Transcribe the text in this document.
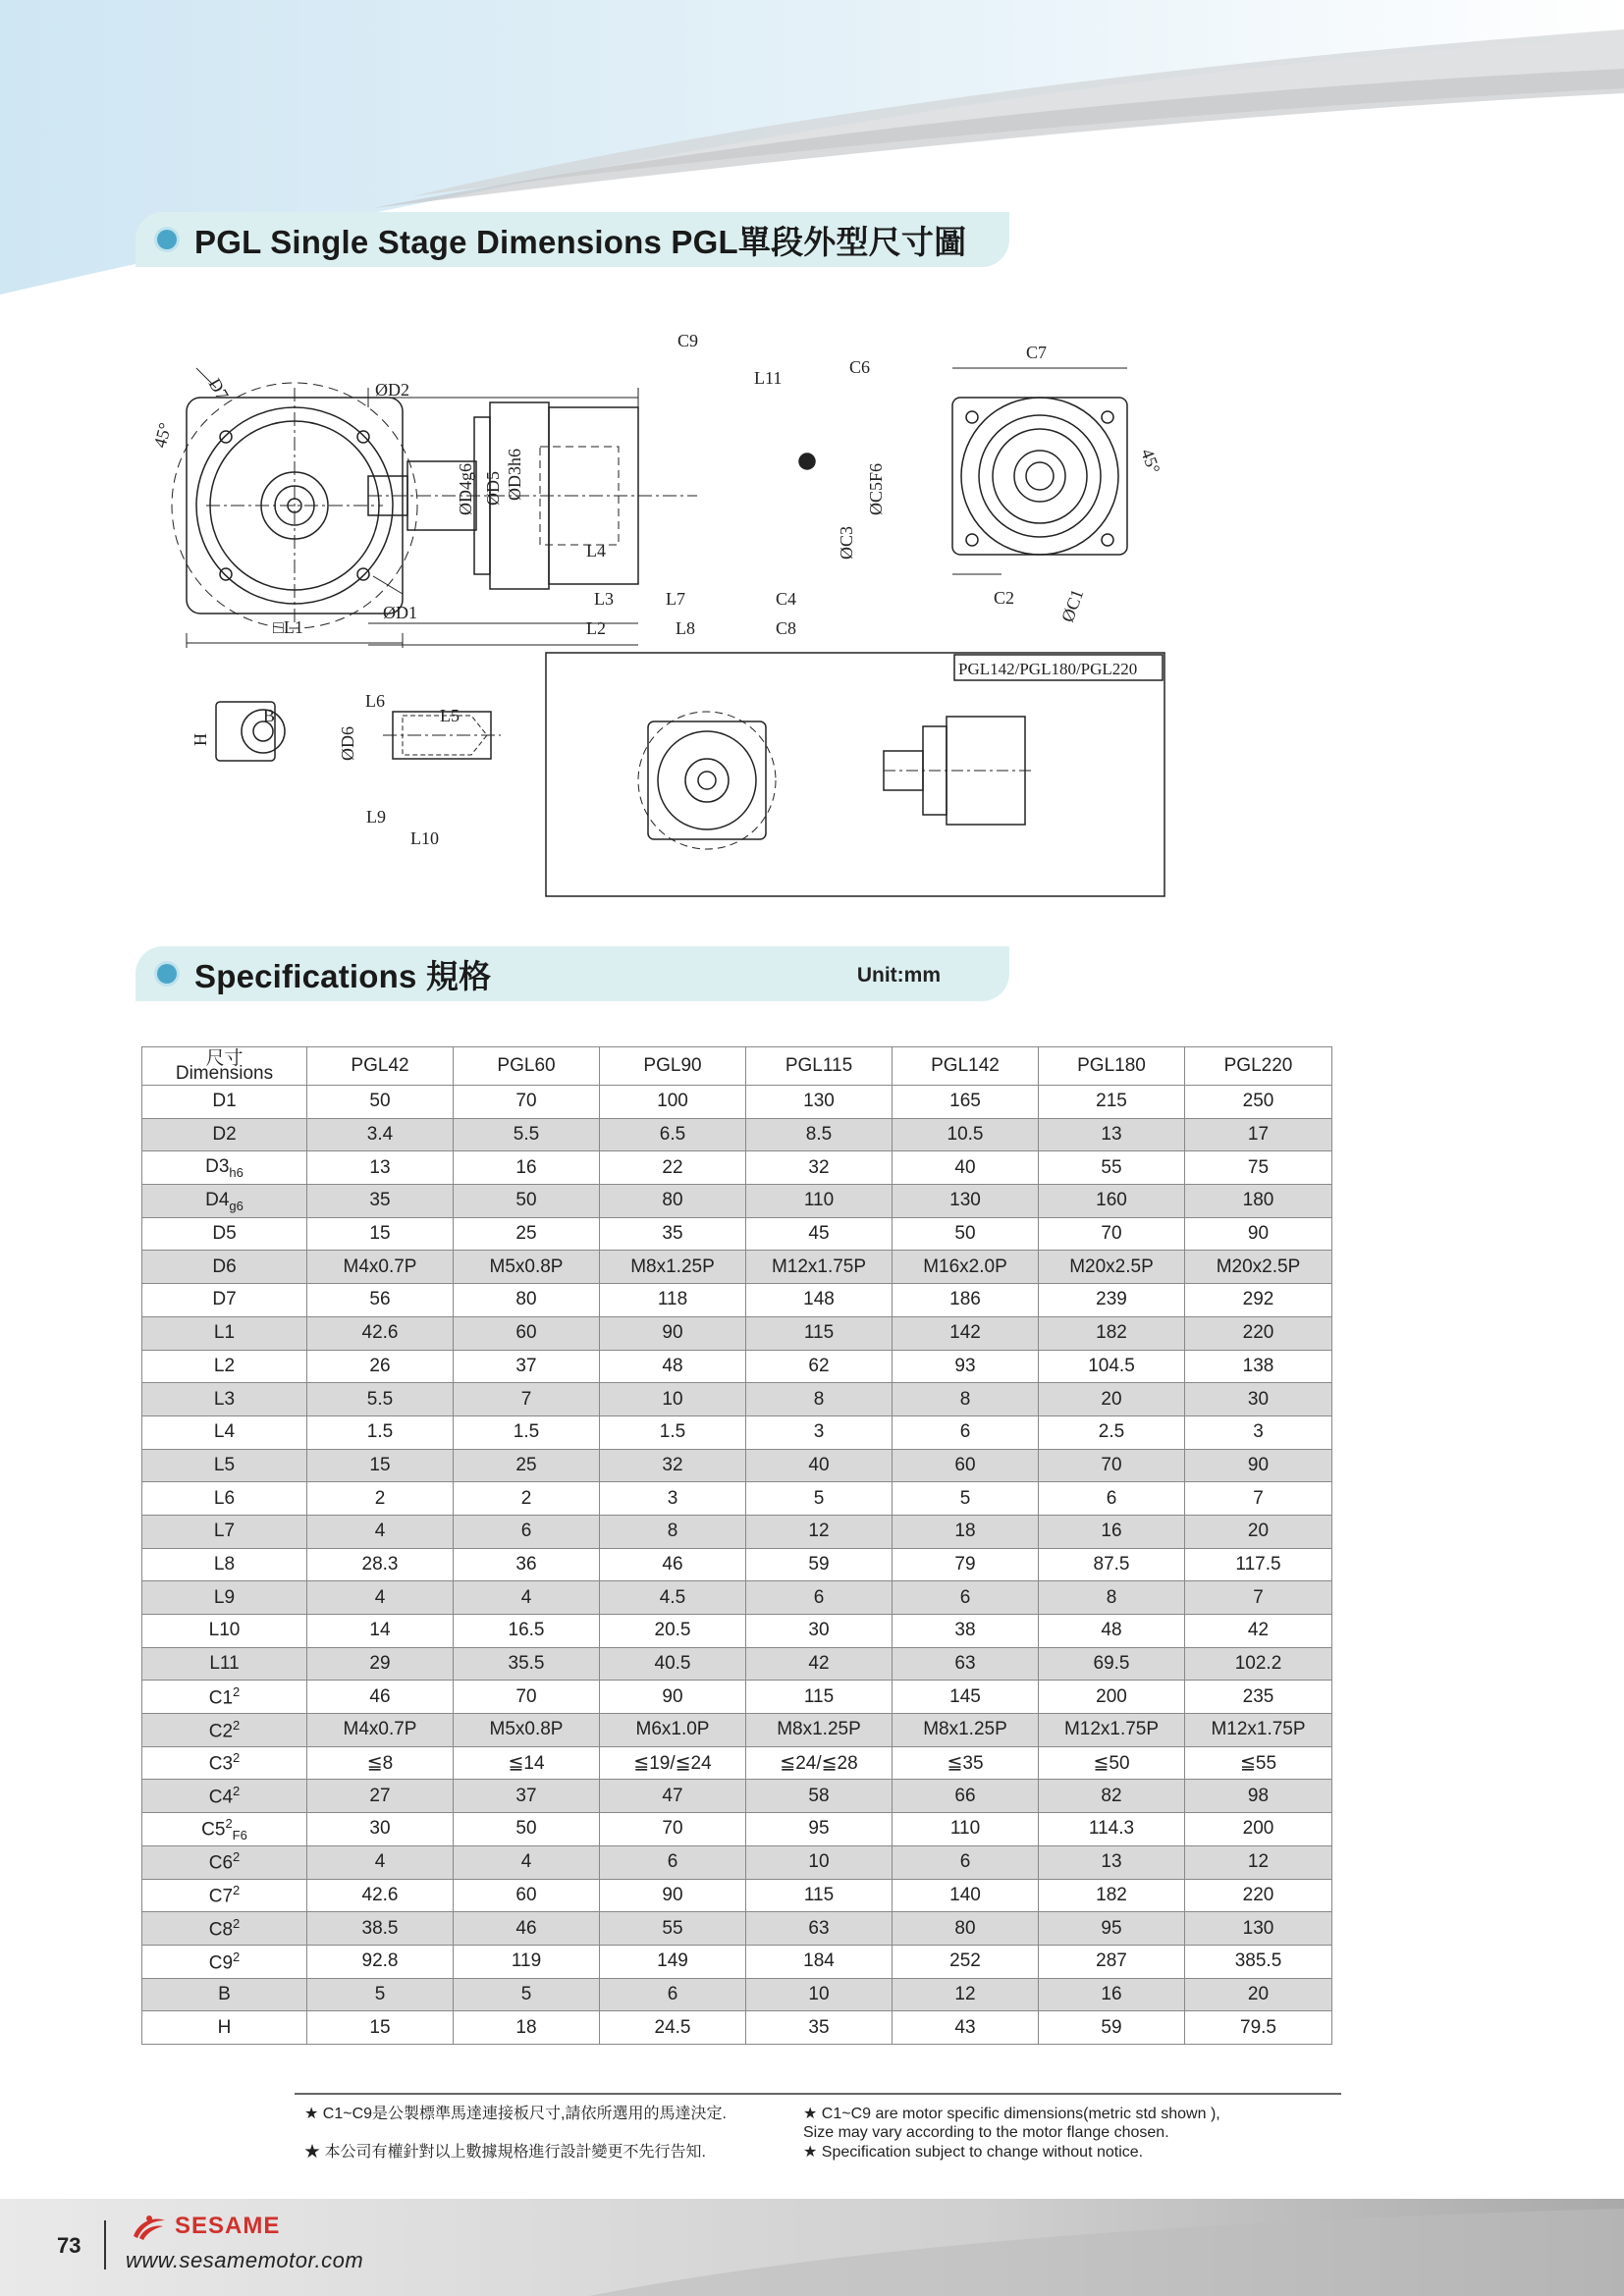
PGL Single Stage Dimensions PGL單段外型尺寸圖
D7	ØD2
ØD1
□L1
45°
C9
C6
L11
ØD4g6 ØD5 ØD3h6	ØC5F6
ØC3
L4
L3	L7	C4
L2	L8	C8
C7
C2 ØC1
45°
B
H
L6
L5
ØD6
L9
L10
PGL142/PGL180/PGL220
Specifications 規格	Unit:mm
尺寸
Dimensions	PGL42	PGL60	PGL90	PGL115	PGL142	PGL180	PGL220
D1	50	70	100	130	165	215	250
D2	3.4	5.5	6.5	8.5	10.5	13	17
$D3_{h6}$	13	16	22	32	40	55	75
$D4_{g6}$	35	50	80	110	130	160	180
D5	15	25	35	45	50	70	90
D6	M4x0.7P	M5x0.8P	M8x1.25P	M12x1.75P	M16x2.0P	M20x2.5P	M20x2.5P
D7	56	80	118	148	186	239	292
L1	42.6	60	90	115	142	182	220
L2	26	37	48	62	93	104.5	138
L3	5.5	7	10	8	8	20	30
L4	1.5	1.5	1.5	3	6	2.5	3
L5	15	25	32	40	60	70	90
L6	2	2	3	5	5	6	7
L7	4	6	8	12	18	16	20
L8	28.3	36	46	59	79	87.5	117.5
L9	4	4	4.5	6	6	8	7
L10	14	16.5	20.5	30	38	48	42
L11	29	35.5	40.5	42	63	69.5	102.2
$C1^2$	46	70	90	115	145	200	235
$C2^2$	M4x0.7P	M5x0.8P	M6x1.0P	M8x1.25P	M8x1.25P	M12x1.75P	M12x1.75P
$C3^2$	≦8	≦14	≦19/≦24	≦24/≦28	≦35	≦50	≦55
$C4^2$	27	37	47	58	66	82	98
$C5^2_{F6}$	30	50	70	95	110	114.3	200
$C6^2$	4	4	6	10	6	13	12
$C7^2$	42.6	60	90	115	140	182	220
$C8^2$	38.5	46	55	63	80	95	130
$C9^2$	92.8	119	149	184	252	287	385.5
B	5	5	6	10	12	16	20
H	15	18	24.5	35	43	59	79.5
★ C1~C9是公製標準馬達連接板尺寸,請依所選用的馬達決定.
★ 本公司有權針對以上數據規格進行設計變更不先行告知.
★ C1~C9 are motor specific dimensions(metric std shown ),
Size may vary according to the motor flange chosen.
★ Specification subject to change without notice.
73
SESAME
www.sesamemotor.com
